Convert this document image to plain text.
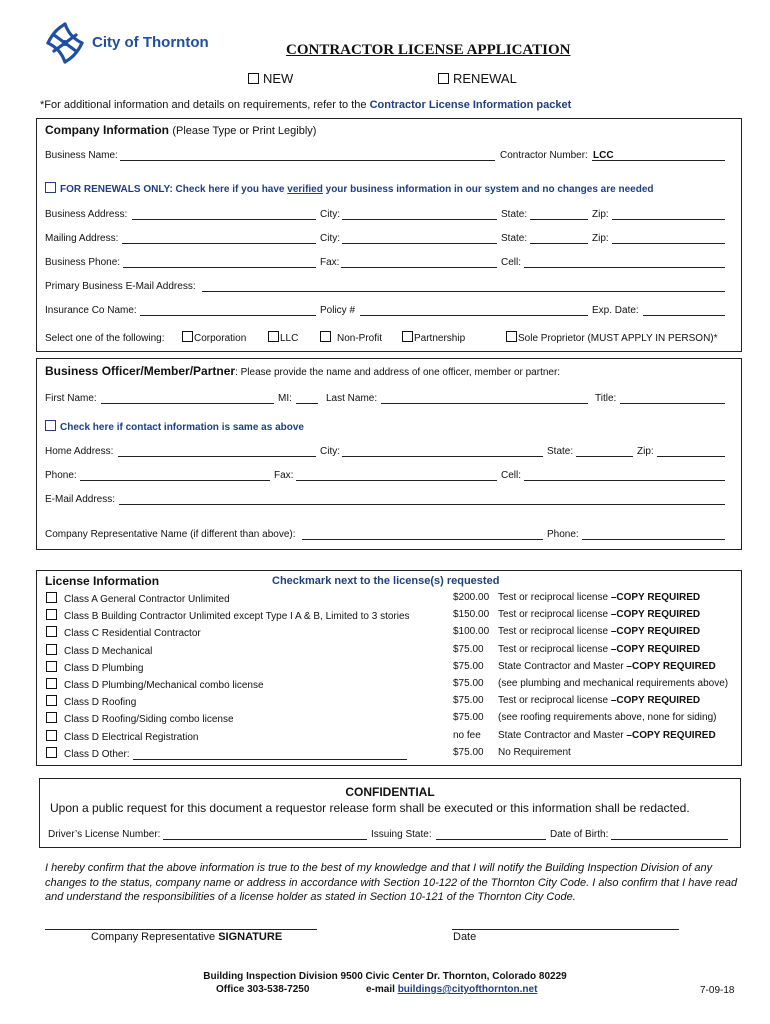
City of Thornton	CONTRACTOR LICENSE APPLICATION
NEW	RENEWAL
*For additional information and details on requirements, refer to the Contractor License Information packet
Company Information (Please Type or Print Legibly)
Business Name:	Contractor Number: LCC
FOR RENEWALS ONLY: Check here if you have verified your business information in our system and no changes are needed
Business Address:	City:	State:	Zip:
Mailing Address:	City:	State:	Zip:
Business Phone:	Fax:	Cell:
Primary Business E-Mail Address:
Insurance Co Name:	Policy #	Exp. Date:
Select one of the following:	Corporation	LLC	Non-Profit	Partnership	Sole Proprietor (MUST APPLY IN PERSON)*
Business Officer/Member/Partner: Please provide the name and address of one officer, member or partner:
First Name:	MI:	Last Name:	Title:
Check here if contact information is same as above
Home Address:	City:	State:	Zip:
Phone:	Fax:	Cell:
E-Mail Address:
Company Representative Name (if different than above):	Phone:
License Information	Checkmark next to the license(s) requested
Class A General Contractor Unlimited	$200.00 Test or reciprocal license –COPY REQUIRED
Class B Building Contractor Unlimited except Type I A & B, Limited to 3 stories	$150.00 Test or reciprocal license –COPY REQUIRED
Class C Residential Contractor	$100.00 Test or reciprocal license –COPY REQUIRED
Class D Mechanical	$75.00 Test or reciprocal license –COPY REQUIRED
Class D Plumbing	$75.00 State Contractor and Master –COPY REQUIRED
Class D Plumbing/Mechanical combo license	$75.00 (see plumbing and mechanical requirements above)
Class D Roofing	$75.00 Test or reciprocal license –COPY REQUIRED
Class D Roofing/Siding combo license	$75.00 (see roofing requirements above, none for siding)
Class D Electrical Registration	no fee State Contractor and Master –COPY REQUIRED
Class D Other:	$75.00 No Requirement
CONFIDENTIAL
Upon a public request for this document a requestor release form shall be executed or this information shall be redacted.
Driver’s License Number:	Issuing State:	Date of Birth:
I hereby confirm that the above information is true to the best of my knowledge and that I will notify the Building Inspection Division of any changes to the status, company name or address in accordance with Section 10-122 of the Thornton City Code. I also confirm that I have read and understand the responsibilities of a license holder as stated in Section 10-121 of the Thornton City Code.
Company Representative SIGNATURE	Date
Building Inspection Division 9500 Civic Center Dr. Thornton, Colorado 80229
Office 303-538-7250	e-mail buildings@cityofthornton.net	7-09-18
